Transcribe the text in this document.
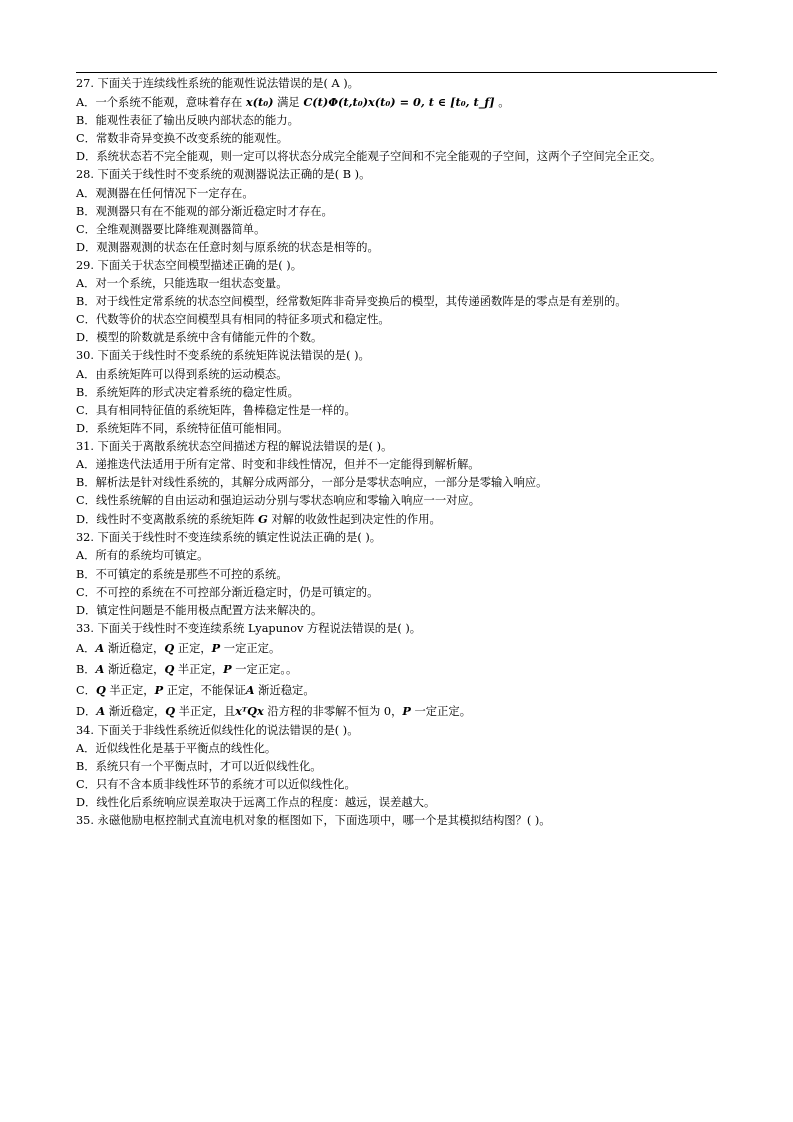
27. 下面关于连续线性系统的能观性说法错误的是( A )。
A．一个系统不能观，意味着存在 x(t₀) 满足 C(t)Φ(t,t₀)x(t₀) = 0, t ∈ [t₀, t_f] 。
B．能观性表征了输出反映内部状态的能力。
C．常数非奇异变换不改变系统的能观性。
D．系统状态若不完全能观，则一定可以将状态分成完全能观子空间和不完全能观的子空间，这两个子空间完全正交。
28. 下面关于线性时不变系统的观测器说法正确的是( B )。
A．观测器在任何情况下一定存在。
B．观测器只有在不能观的部分渐近稳定时才存在。
C．全维观测器要比降维观测器简单。
D．观测器观测的状态在任意时刻与原系统的状态是相等的。
29. 下面关于状态空间模型描述正确的是( )。
A．对一个系统，只能选取一组状态变量。
B．对于线性定常系统的状态空间模型，经常数矩阵非奇异变换后的模型，其传递函数阵是的零点是有差别的。
C．代数等价的状态空间模型具有相同的特征多项式和稳定性。
D．模型的阶数就是系统中含有储能元件的个数。
30. 下面关于线性时不变系统的系统矩阵说法错误的是( )。
A．由系统矩阵可以得到系统的运动模态。
B．系统矩阵的形式决定着系统的稳定性质。
C．具有相同特征值的系统矩阵，鲁棒稳定性是一样的。
D．系统矩阵不同，系统特征值可能相同。
31. 下面关于离散系统状态空间描述方程的解说法错误的是( )。
A．递推迭代法适用于所有定常、时变和非线性情况，但并不一定能得到解析解。
B．解析法是针对线性系统的，其解分成两部分，一部分是零状态响应，一部分是零输入响应。
C．线性系统解的自由运动和强迫运动分别与零状态响应和零输入响应一一对应。
D．线性时不变离散系统的系统矩阵 G 对解的收敛性起到决定性的作用。
32. 下面关于线性时不变连续系统的镇定性说法正确的是( )。
A．所有的系统均可镇定。
B．不可镇定的系统是那些不可控的系统。
C．不可控的系统在不可控部分渐近稳定时，仍是可镇定的。
D．镇定性问题是不能用极点配置方法来解决的。
33. 下面关于线性时不变连续系统 Lyapunov 方程说法错误的是( )。
A．A 渐近稳定，Q 正定，P 一定正定。
B．A 渐近稳定，Q 半正定，P 一定正定。。
C．Q 半正定，P 正定，不能保证A 渐近稳定。
D．A 渐近稳定，Q 半正定，且xᵀQx 沿方程的非零解不恒为 0，P 一定正定。
34. 下面关于非线性系统近似线性化的说法错误的是( )。
A．近似线性化是基于平衡点的线性化。
B．系统只有一个平衡点时，才可以近似线性化。
C．只有不含本质非线性环节的系统才可以近似线性化。
D．线性化后系统响应误差取决于远离工作点的程度：越远，误差越大。
35. 永磁他励电枢控制式直流电机对象的框图如下，下面选项中，哪一个是其模拟结构图？( )。
